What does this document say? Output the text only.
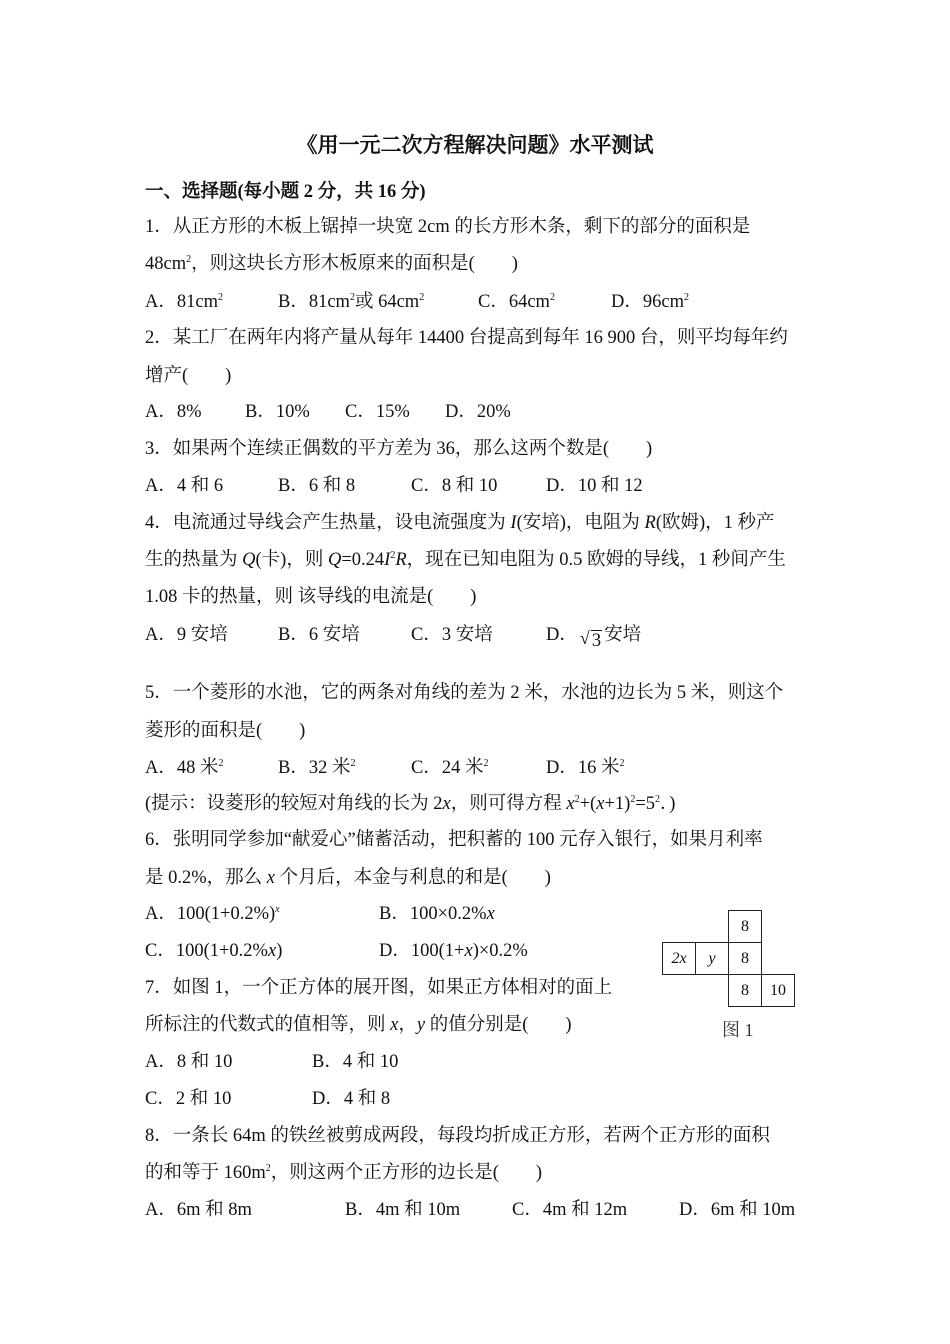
《用一元二次方程解决问题》水平测试
一、选择题(每小题 2 分，共 16 分)
1．从正方形的木板上锯掉一块宽 2cm 的长方形木条，剩下的部分的面积是
$48cm^2$，则这块长方形木板原来的面积是(　　)
A．$81cm^2$	B．$81cm^2$或 $64cm^2$	C．$64cm^2$	D．$96cm^2$
2．某工厂在两年内将产量从每年 14400 台提高到每年 16 900 台，则平均每年约
增产(　　)
A．8% B．10% C．15% D．20%
3．如果两个连续正偶数的平方差为 36，那么这两个数是(　　)
A．4 和 6	B．6 和 8	C．8 和 10	D．10 和 12
4．电流通过导线会产生热量，设电流强度为 I(安培)，电阻为 R(欧姆)，1 秒产
生的热量为 Q(卡)，则 $Q=0.24I^2R$，现在已知电阻为 0.5 欧姆的导线，1 秒间产生
1.08 卡的热量，则 该导线的电流是(　　)
A．9 安培	B．6 安培	C．3 安培	D． √ 3 安培
5．一个菱形的水池，它的两条对角线的差为 2 米，水池的边长为 5 米，则这个
菱形的面积是(　　)
A．48 米$^2$	B．32 米$^2$	C．24 米$^2$	D．16 米$^2$
(提示：设菱形的较短对角线的长为 2x，则可得方程 $x^2+(x+1)^2=5^2$．)
6．张明同学参加“献爱心”储蓄活动，把积蓄的 100 元存入银行，如果月利率
是 0.2%，那么 x 个月后，本金与利息的和是(　　)
A．$100(1+0.2\%)^x$	B．100×0.2%x
C．100(1+0.2%x)	D．100(1+x)×0.2%
7．如图 1，一个正方体的展开图，如果正方体相对的面上
所标注的代数式的值相等，则 x，y 的值分别是(　　)
A．8 和 10	B．4 和 10
C．2 和 10	D．4 和 8
8
2x	y	8
8	10
图 1
8．一条长 64m 的铁丝被剪成两段，每段均折成正方形，若两个正方形的面积
的和等于 $160m^2$，则这两个正方形的边长是(　　)
A．6m 和 8m	B．4m 和 10m	C．4m 和 12m	D．6m 和 10m
